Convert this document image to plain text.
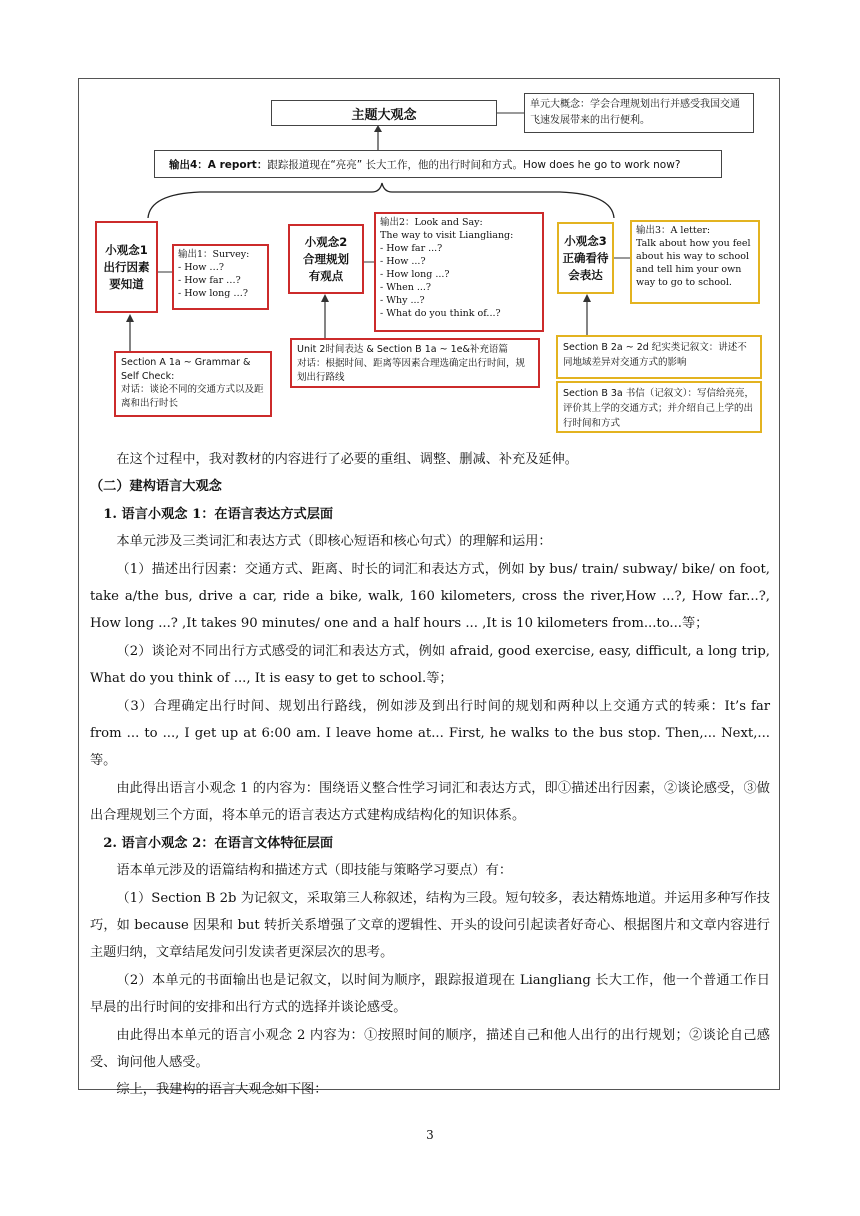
主题大观念
单元大概念：学会合理规划出行并感受我国交通飞速发展带来的出行便利。
输出4：A report：跟踪报道现在“亮亮” 长大工作，他的出行时间和方式。How does he go to work now?
小观念1
出行因素
要知道
输出1：Survey:
- How …?
- How far …?
- How long …?
小观念2
合理规划
有观点
输出2：Look and Say:
The way to visit Liangliang:
- How far ...?
- How ...?
- How long ...?
- When ...?
- Why ...?
- What do you think of...?
小观念3
正确看待
会表达
输出3：A letter:
Talk about how you feel about his way to school and tell him your own way to go to school.
Section A 1a ~ Grammar & Self Check:
对话：谈论不同的交通方式以及距离和出行时长
Unit 2时间表达 & Section B 1a ~ 1e&补充语篇
对话：根据时间、距离等因素合理选确定出行时间，规划出行路线
Section B 2a ~ 2d 纪实类记叙文：讲述不同地域差异对交通方式的影响
Section B 3a 书信（记叙文）：写信给亮亮，评价其上学的交通方式；并介绍自己上学的出行时间和方式

在这个过程中，我对教材的内容进行了必要的重组、调整、删减、补充及延伸。

（二）建构语言大观念

1. 语言小观念 1：在语言表达方式层面

本单元涉及三类词汇和表达方式（即核心短语和核心句式）的理解和运用：

（1）描述出行因素：交通方式、距离、时长的词汇和表达方式，例如 by bus/ train/ subway/ bike/ on foot, take a/the bus, drive a car, ride a bike, walk, 160 kilometers, cross the river,How ...?, How far...?, How long ...? ,It takes 90 minutes/ one and a half hours ... ,It is 10 kilometers from...to...等；

（2）谈论对不同出行方式感受的词汇和表达方式，例如 afraid, good exercise, easy, difficult, a long trip, What do you think of ..., It is easy to get to school.等；

（3）合理确定出行时间、规划出行路线，例如涉及到出行时间的规划和两种以上交通方式的转乘：It’s far from ... to ..., I get up at 6:00 am. I leave home at... First, he walks to the bus stop. Then,... Next,... 等。

由此得出语言小观念 1 的内容为：围绕语义整合性学习词汇和表达方式，即①描述出行因素，②谈论感受，③做出合理规划三个方面，将本单元的语言表达方式建构成结构化的知识体系。

2. 语言小观念 2：在语言文体特征层面

语本单元涉及的语篇结构和描述方式（即技能与策略学习要点）有：

（1）Section B 2b 为记叙文，采取第三人称叙述，结构为三段。短句较多，表达精炼地道。并运用多种写作技巧，如 because 因果和 but 转折关系增强了文章的逻辑性、开头的设问引起读者好奇心、根据图片和文章内容进行主题归纳，文章结尾发问引发读者更深层次的思考。

（2）本单元的书面输出也是记叙文，以时间为顺序，跟踪报道现在 Liangliang 长大工作，他一个普通工作日早晨的出行时间的安排和出行方式的选择并谈论感受。

由此得出本单元的语言小观念 2 内容为：①按照时间的顺序，描述自己和他人出行的出行规划；②谈论自己感受、询问他人感受。

综上，我建构的语言大观念如下图：

3
